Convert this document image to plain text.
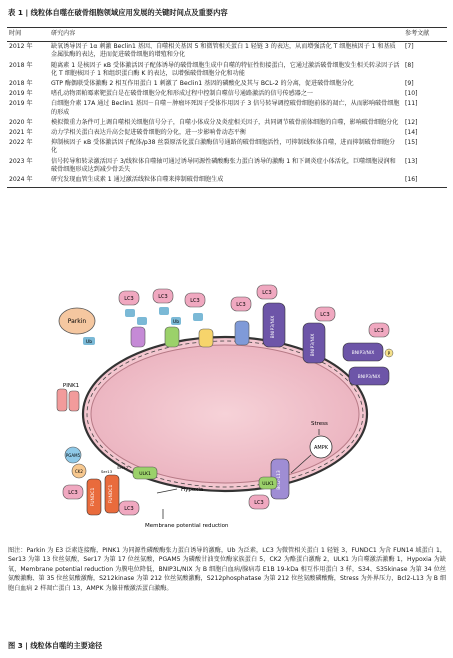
表 1 | 线粒体自噬在破骨细胞领域应用发展的关键时间点及重要内容
时间	研究内容	参考文献
2012 年	缺氧诱导因子 1α 刺激 Beclin1 基因、自噬相关基因 5 和微管相关蛋白 1 轻链 3 的表达，从而增强活化 T 细胞核因子 1 和基质金属肽酶的表达，进而促进破骨细胞的增殖和分化	[7]
2018 年	随离素 1 是核因子 κB 受体激活因子配体诱导的破骨细胞生成中自噬的特征性衔接蛋白，它通过激活破骨细胞发生相关转录因子活化 T 细胞核因子 1 和组织蛋白酶 K 的表达，以增强破骨细胞分化和功能	[8]
2018 年	GTP 酶偶联受体激酶 2 相互作用蛋白 1 刺激了 Beclin1 基因的磷酸化及其与 BCL-2 的分离，促进破骨细胞分化	[9]
2019 年	嗜孔动物雷帕霉素靶蛋白是在破骨细胞分化和形成过程中控制自噬信号通路激活的信号传感器之一	[10]
2019 年	白细胞介素 17A 通过 Beclin1 基因－自噬－肿瘤坏死因子受体作用因子 3 信号转导调控破骨细胞前体的凋亡，从而影响破骨细胞的形成	[11]
2020 年	模拟微重力条件可上调自噬相关细胞信号分子，自噬小体成分及炎症相关因子，共同调节破骨前体细胞的自噬，影响破骨细胞分化	[12]
2021 年	动力学相关蛋白表达升高会促进破骨细胞的分化，进一步影响骨动态平衡	[14]
2022 年	抑制核因子 κB 受体激活因子配体/p38 丝裂原活化蛋白激酶信号通路的破骨细胞活性，可抑制线粒体自噬，进而抑制破骨细胞分化	[15]
2023 年	信号转导和转录激活因子 3/线粒体自噬轴可通过诱导同源性磷酸酶张力蛋白诱导的激酶 1 和下调炎症小体活化，巨噬细胞浸润和破骨细胞形成达到减少骨丢失	[13]
2024 年	研究发现血管生成素 1 通过激活线粒体自噬来抑制破骨细胞生成	[16]
Parkin
Ub
LC3	LC3
LC3
LC3
Ub	BNIP3/NIX
LC3
BNIP3/NIX
LC3
BNIP3/NIX
BNIP3/NIX
LC3
P
PINK1
PGAM5
CK2
LC3	FUNDC1	FUNDC1
LC3
Ser13
Ser17
ULK1
Hypoxia
Membrane potential reduction
Bcl2-L13
LC3
ULK1
AMPK
Stress
图注：Parkin 为 E3 泛素连接酶，PINK1 为同源性磷酸酶张力蛋白诱导的激酶，Ub 为泛素，LC3 为微管相关蛋白 1 轻链 3，FUNDC1 为含 FUN14 域蛋白 1，Ser13 为第 13 位丝氨酸，Ser17 为第 17 位丝氨酸，PGAM5 为磷酸甘油变位酶家族蛋白 5，CK2 为酪蛋白激酶 2，ULK1 为自噬激活激酶 1，Hypoxia 为缺氧，Membrane potential reduction 为膜电位降低，BNIP3L/NIX 为 B 细胞白血病/腺病毒 E1B 19-kDa 相互作用蛋白 3 样，S34、S35kinase 为第 34 位丝氨酸激酶、第 35 位丝氨酸激酶，S212kinase 为第 212 位丝氨酸激酶，S212phosphatase 为第 212 位丝氨酸磷酸酶，Stress 为外界压力，Bcl2-L13 为 B 细胞白血病 2 样凋亡蛋白 13，AMPK 为腺苷酸激活蛋白激酶。
图 3 | 线粒体自噬的主要途径
